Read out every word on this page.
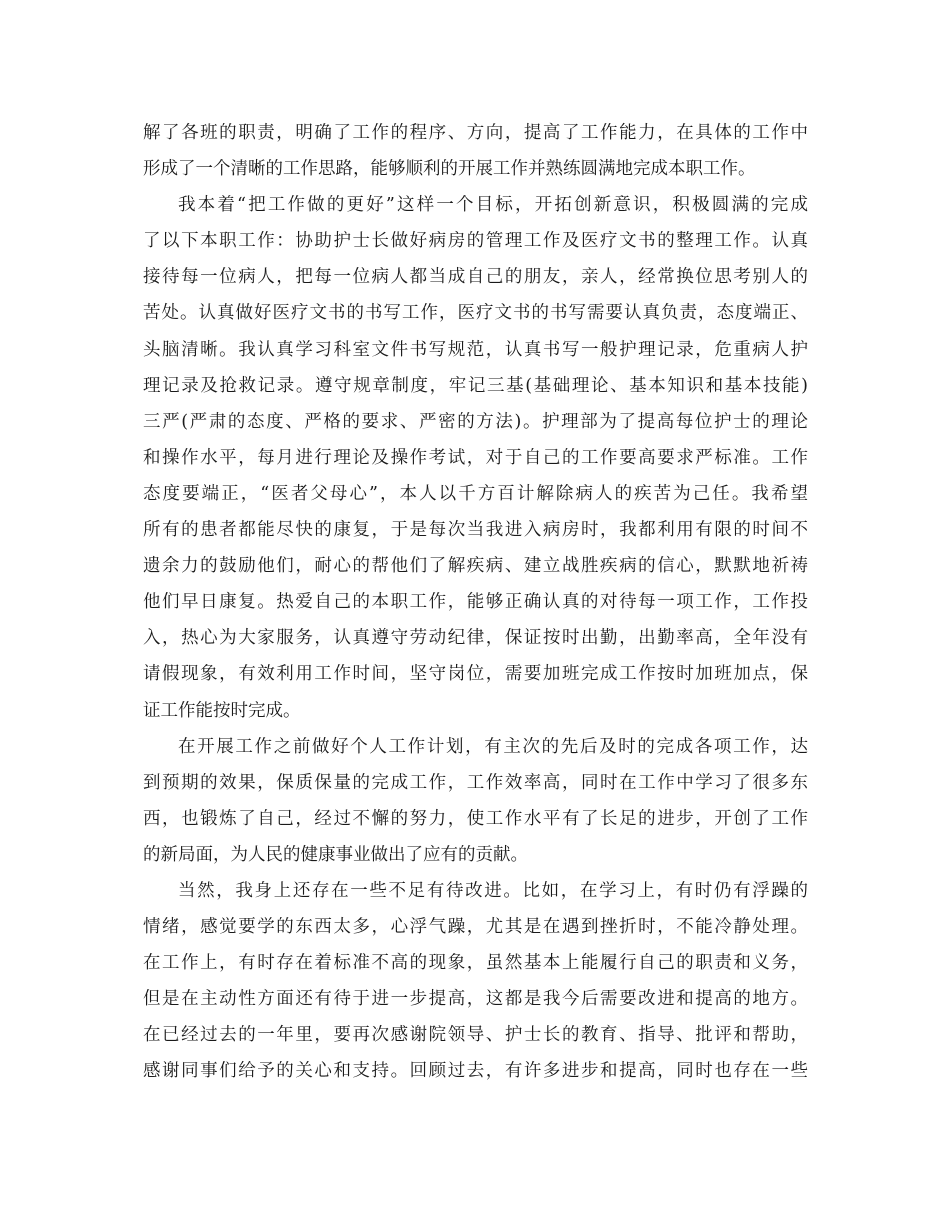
解了各班的职责，明确了工作的程序、方向，提高了工作能力，在具体的工作中
形成了一个清晰的工作思路，能够顺利的开展工作并熟练圆满地完成本职工作。
我本着“把工作做的更好”这样一个目标，开拓创新意识，积极圆满的完成
了以下本职工作：协助护士长做好病房的管理工作及医疗文书的整理工作。认真
接待每一位病人，把每一位病人都当成自己的朋友，亲人，经常换位思考别人的
苦处。认真做好医疗文书的书写工作，医疗文书的书写需要认真负责，态度端正、
头脑清晰。我认真学习科室文件书写规范，认真书写一般护理记录，危重病人护
理记录及抢救记录。遵守规章制度，牢记三基(基础理论、基本知识和基本技能)
三严(严肃的态度、严格的要求、严密的方法)。护理部为了提高每位护士的理论
和操作水平，每月进行理论及操作考试，对于自己的工作要高要求严标准。工作
态度要端正，“医者父母心”，本人以千方百计解除病人的疾苦为己任。我希望
所有的患者都能尽快的康复，于是每次当我进入病房时，我都利用有限的时间不
遗余力的鼓励他们，耐心的帮他们了解疾病、建立战胜疾病的信心，默默地祈祷
他们早日康复。热爱自己的本职工作，能够正确认真的对待每一项工作，工作投
入，热心为大家服务，认真遵守劳动纪律，保证按时出勤，出勤率高，全年没有
请假现象，有效利用工作时间，坚守岗位，需要加班完成工作按时加班加点，保
证工作能按时完成。
在开展工作之前做好个人工作计划，有主次的先后及时的完成各项工作，达
到预期的效果，保质保量的完成工作，工作效率高，同时在工作中学习了很多东
西，也锻炼了自己，经过不懈的努力，使工作水平有了长足的进步，开创了工作
的新局面，为人民的健康事业做出了应有的贡献。
当然，我身上还存在一些不足有待改进。比如，在学习上，有时仍有浮躁的
情绪，感觉要学的东西太多，心浮气躁，尤其是在遇到挫折时，不能冷静处理。
在工作上，有时存在着标准不高的现象，虽然基本上能履行自己的职责和义务，
但是在主动性方面还有待于进一步提高，这都是我今后需要改进和提高的地方。
在已经过去的一年里，要再次感谢院领导、护士长的教育、指导、批评和帮助，
感谢同事们给予的关心和支持。回顾过去，有许多进步和提高，同时也存在一些
